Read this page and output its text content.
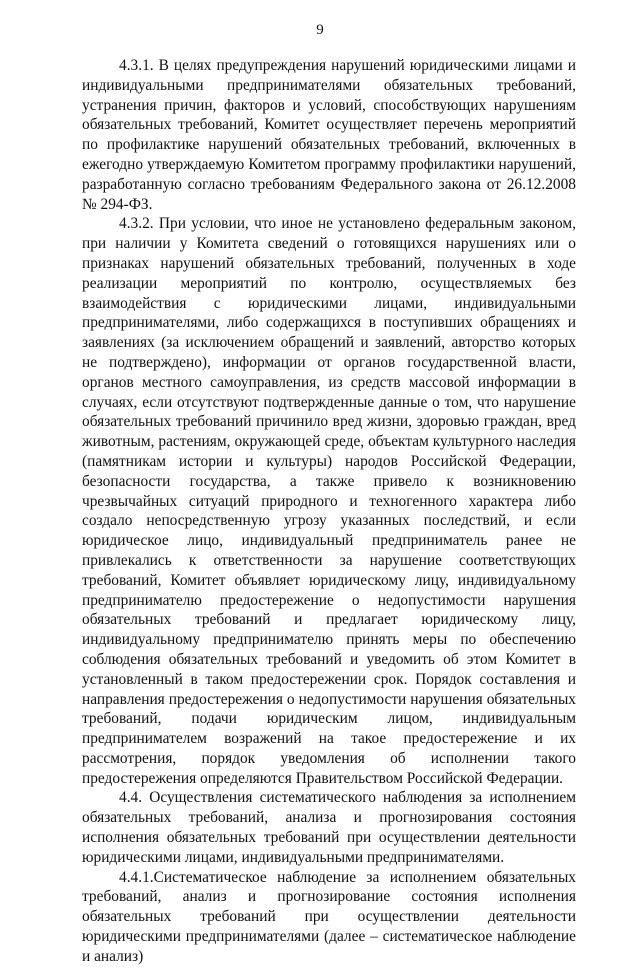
9

4.3.1. В целях предупреждения нарушений юридическими лицами и индивидуальными предпринимателями обязательных требований, устранения причин, факторов и условий, способствующих нарушениям обязательных требований, Комитет осуществляет перечень мероприятий по профилактике нарушений обязательных требований, включенных в ежегодно утверждаемую Комитетом программу профилактики нарушений, разработанную согласно требованиям Федерального закона от 26.12.2008 № 294-ФЗ.

4.3.2. При условии, что иное не установлено федеральным законом, при наличии у Комитета сведений о готовящихся нарушениях или о признаках нарушений обязательных требований, полученных в ходе реализации мероприятий по контролю, осуществляемых без взаимодействия с юридическими лицами, индивидуальными предпринимателями, либо содержащихся в поступивших обращениях и заявлениях (за исключением обращений и заявлений, авторство которых не подтверждено), информации от органов государственной власти, органов местного самоуправления, из средств массовой информации в случаях, если отсутствуют подтвержденные данные о том, что нарушение обязательных требований причинило вред жизни, здоровью граждан, вред животным, растениям, окружающей среде, объектам культурного наследия (памятникам истории и культуры) народов Российской Федерации, безопасности государства, а также привело к возникновению чрезвычайных ситуаций природного и техногенного характера либо создало непосредственную угрозу указанных последствий, и если юридическое лицо, индивидуальный предприниматель ранее не привлекались к ответственности за нарушение соответствующих требований, Комитет объявляет юридическому лицу, индивидуальному предпринимателю предостережение о недопустимости нарушения обязательных требований и предлагает юридическому лицу, индивидуальному предпринимателю принять меры по обеспечению соблюдения обязательных требований и уведомить об этом Комитет в установленный в таком предостережении срок. Порядок составления и направления предостережения о недопустимости нарушения обязательных требований, подачи юридическим лицом, индивидуальным предпринимателем возражений на такое предостережение и их рассмотрения, порядок уведомления об исполнении такого предостережения определяются Правительством Российской Федерации.

4.4. Осуществления систематического наблюдения за исполнением обязательных требований, анализа и прогнозирования состояния исполнения обязательных требований при осуществлении деятельности юридическими лицами, индивидуальными предпринимателями.

4.4.1.Систематическое наблюдение за исполнением обязательных требований, анализ и прогнозирование состояния исполнения обязательных требований при осуществлении деятельности юридическими предпринимателями (далее – систематическое наблюдение и анализ)
